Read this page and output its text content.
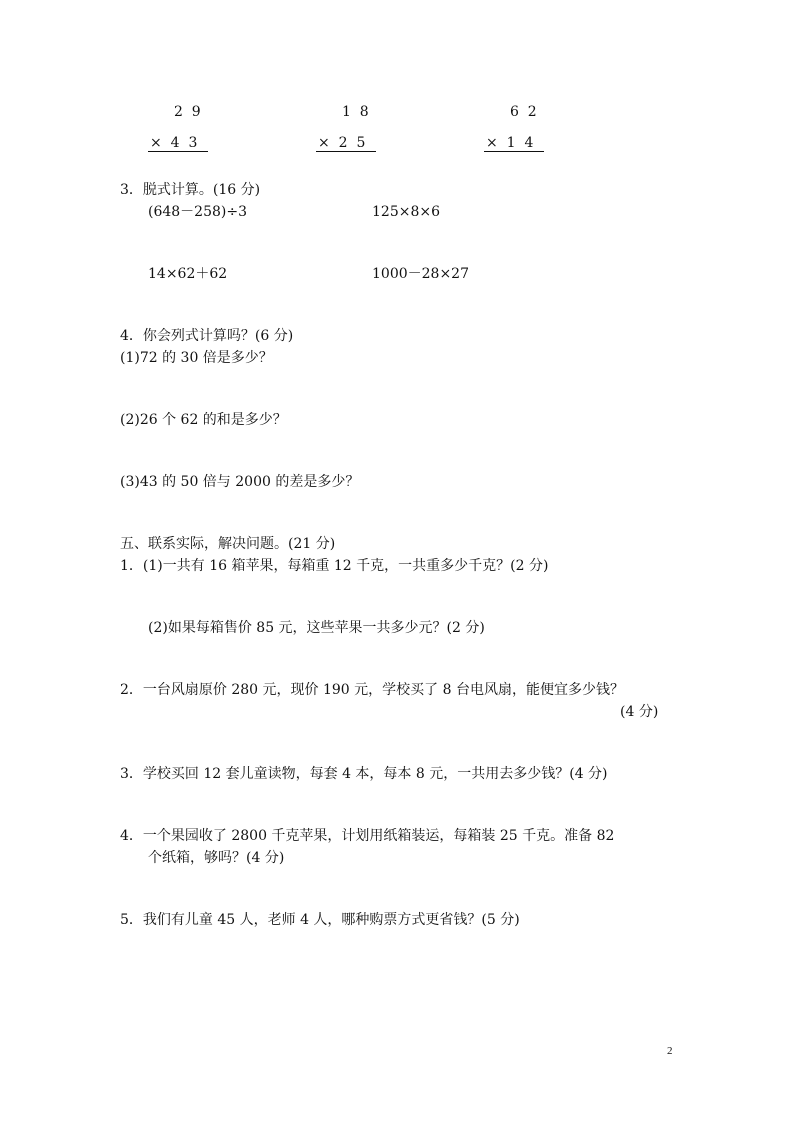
2  9
×  4  3
1  8
×  2  5
6  2
×  1  4
3．脱式计算。(16 分)
(648－258)÷3	125×8×6
14×62＋62	1000－28×27
4．你会列式计算吗？(6 分)
(1)72 的 30 倍是多少？
(2)26 个 62 的和是多少？
(3)43 的 50 倍与 2000 的差是多少？
五、联系实际，解决问题。(21 分)
1．(1)一共有 16 箱苹果，每箱重 12 千克，一共重多少千克？(2 分)
(2)如果每箱售价 85 元，这些苹果一共多少元？(2 分)
2．一台风扇原价 280 元，现价 190 元，学校买了 8 台电风扇，能便宜多少钱？
(4 分)
3．学校买回 12 套儿童读物，每套 4 本，每本 8 元，一共用去多少钱？(4 分)
4．一个果园收了 2800 千克苹果，计划用纸箱装运，每箱装 25 千克。准备 82
个纸箱，够吗？(4 分)
5．我们有儿童 45 人，老师 4 人，哪种购票方式更省钱？(5 分)
2
